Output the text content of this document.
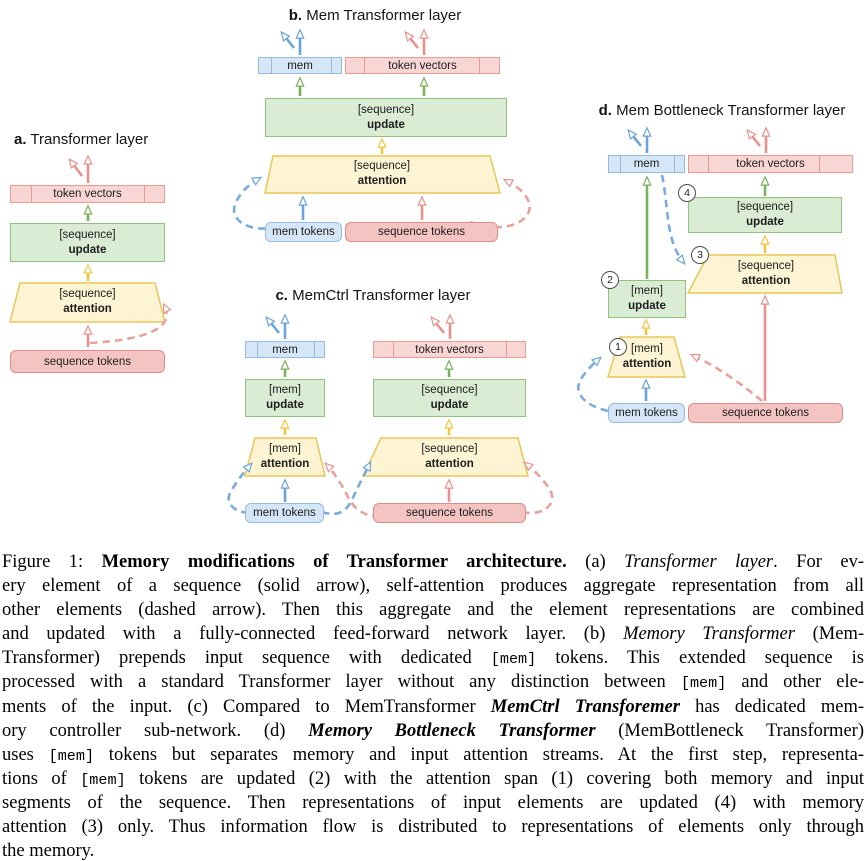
a. Transformer layer
token vectors
[sequence]
update
[sequence]
attention
sequence tokens
b. Mem Transformer layer
mem	token vectors
[sequence]
update
[sequence]
attention
mem tokens	sequence tokens
c. MemCtrl Transformer layer
mem	token vectors
[mem]
update
[sequence]
update
[mem]
attention
[sequence]
attention
mem tokens	sequence tokens
d. Mem Bottleneck Transformer layer
mem	token vectors
[sequence]
update
[sequence]
attention
[mem]
update
[mem]
attention
mem tokens	sequence tokens
1
2
3
4
Figure 1: Memory modifications of Transformer architecture. (a) Transformer layer. For ev-
ery element of a sequence (solid arrow), self-attention produces aggregate representation from all
other elements (dashed arrow). Then this aggregate and the element representations are combined
and updated with a fully-connected feed-forward network layer. (b) Memory Transformer (Mem-
Transformer) prepends input sequence with dedicated [mem] tokens. This extended sequence is
processed with a standard Transformer layer without any distinction between [mem] and other ele-
ments of the input. (c) Compared to MemTransformer MemCtrl Transforemer has dedicated mem-
ory controller sub-network. (d) Memory Bottleneck Transformer (MemBottleneck Transformer)
uses [mem] tokens but separates memory and input attention streams. At the first step, representa-
tions of [mem] tokens are updated (2) with the attention span (1) covering both memory and input
segments of the sequence. Then representations of input elements are updated (4) with memory
attention (3) only. Thus information flow is distributed to representations of elements only through
the memory.
